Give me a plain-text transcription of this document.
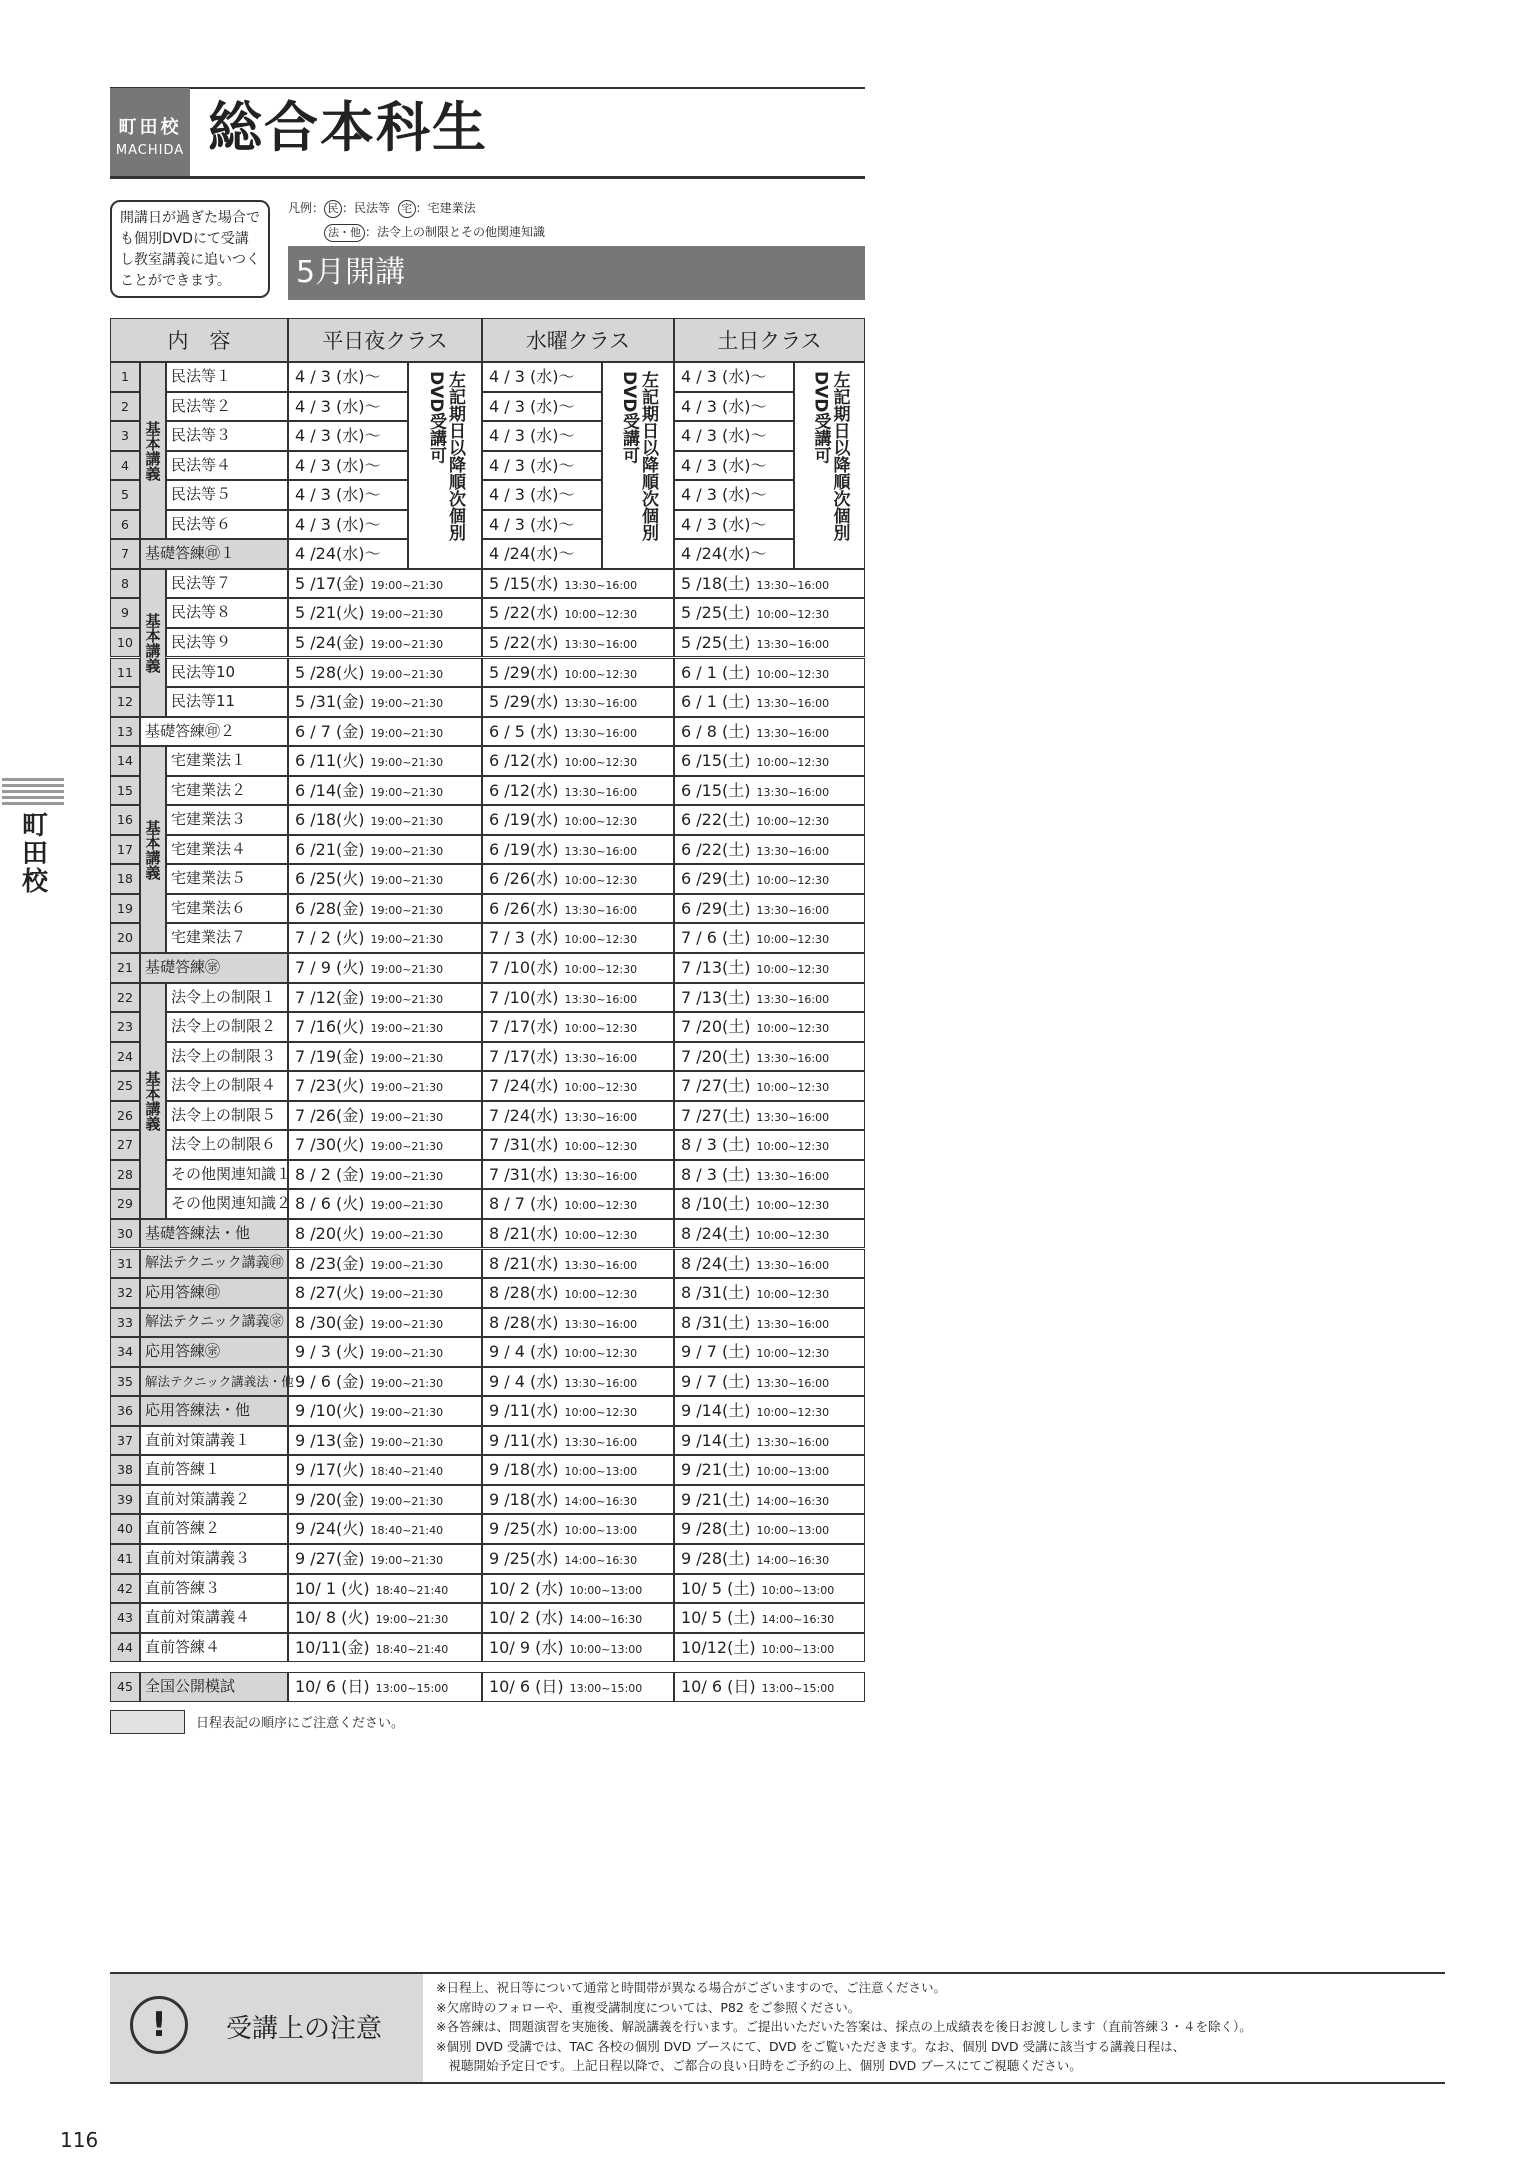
町田校
MACHIDA 総合本科生
開講日が過ぎた場合でも個別DVDにて受講し教室講義に追いつくことができます。
凡例： 民 ：民法等 宅 ：宅建業法
法・他 ：法令上の制限とその他関連知識
5月開講
町田校
日程表記の順序にご注意ください。
!	受講上の注意
※日程上、祝日等について通常と時間帯が異なる場合がございますので、ご注意ください。
※欠席時のフォローや、重複受講制度については、P82 をご参照ください。
※各答練は、問題演習を実施後、解説講義を行います。ご提出いただいた答案は、採点の上成績表を後日お渡しします（直前答練３・４を除く）。
※個別 DVD 受講では、TAC 各校の個別 DVD ブースにて、DVD をご覧いただきます。なお、個別 DVD 受講に該当する講義日程は、
　視聴開始予定日です。上記日程以降で、ご都合の良い日時をご予約の上、個別 DVD ブースにてご視聴ください。
116
内　容	平日夜クラス	水曜クラス	土日クラス
1	民法等１	4 / 3 (水)～	4 / 3 (水)～	4 / 3 (水)～
2	民法等２	4 / 3 (水)～	4 / 3 (水)～	4 / 3 (水)～
3	民法等３	4 / 3 (水)～	4 / 3 (水)～	4 / 3 (水)～
4	民法等４	4 / 3 (水)～	4 / 3 (水)～	4 / 3 (水)～
5	民法等５	4 / 3 (水)～	4 / 3 (水)～	4 / 3 (水)～
6	民法等６	4 / 3 (水)～	4 / 3 (水)～	4 / 3 (水)～
7	基礎答練㊞１	4 /24(水)～	4 /24(水)～	4 /24(水)～
8	民法等７	5 /17(金) 19:00~21:30	5 /15(水) 13:30~16:00	5 /18(土) 13:30~16:00
9	民法等８	5 /21(火) 19:00~21:30	5 /22(水) 10:00~12:30	5 /25(土) 10:00~12:30
10	民法等９	5 /24(金) 19:00~21:30	5 /22(水) 13:30~16:00	5 /25(土) 13:30~16:00
11	民法等10	5 /28(火) 19:00~21:30	5 /29(水) 10:00~12:30	6 / 1 (土) 10:00~12:30
12	民法等11	5 /31(金) 19:00~21:30	5 /29(水) 13:30~16:00	6 / 1 (土) 13:30~16:00
13 基礎答練㊞２	6 / 7 (金) 19:00~21:30	6 / 5 (水) 13:30~16:00	6 / 8 (土) 13:30~16:00
14	宅建業法１	6 /11(火) 19:00~21:30	6 /12(水) 10:00~12:30	6 /15(土) 10:00~12:30
15	宅建業法２	6 /14(金) 19:00~21:30	6 /12(水) 13:30~16:00	6 /15(土) 13:30~16:00
16	宅建業法３	6 /18(火) 19:00~21:30	6 /19(水) 10:00~12:30	6 /22(土) 10:00~12:30
17	宅建業法４	6 /21(金) 19:00~21:30	6 /19(水) 13:30~16:00	6 /22(土) 13:30~16:00
18	宅建業法５	6 /25(火) 19:00~21:30	6 /26(水) 10:00~12:30	6 /29(土) 10:00~12:30
19	宅建業法６	6 /28(金) 19:00~21:30	6 /26(水) 13:30~16:00	6 /29(土) 13:30~16:00
20	宅建業法７	7 / 2 (火) 19:00~21:30	7 / 3 (水) 10:00~12:30	7 / 6 (土) 10:00~12:30
21 基礎答練㊪	7 / 9 (火) 19:00~21:30	7 /10(水) 10:00~12:30	7 /13(土) 10:00~12:30
22	法令上の制限１	7 /12(金) 19:00~21:30	7 /10(水) 13:30~16:00	7 /13(土) 13:30~16:00
23	法令上の制限２	7 /16(火) 19:00~21:30	7 /17(水) 10:00~12:30	7 /20(土) 10:00~12:30
24	法令上の制限３	7 /19(金) 19:00~21:30	7 /17(水) 13:30~16:00	7 /20(土) 13:30~16:00
25	法令上の制限４	7 /23(火) 19:00~21:30	7 /24(水) 10:00~12:30	7 /27(土) 10:00~12:30
26	法令上の制限５	7 /26(金) 19:00~21:30	7 /24(水) 13:30~16:00	7 /27(土) 13:30~16:00
27	法令上の制限６	7 /30(火) 19:00~21:30	7 /31(水) 10:00~12:30	8 / 3 (土) 10:00~12:30
28	その他関連知識１ 8 / 2 (金) 19:00~21:30	7 /31(水) 13:30~16:00	8 / 3 (土) 13:30~16:00
29	その他関連知識２ 8 / 6 (火) 19:00~21:30	8 / 7 (水) 10:00~12:30	8 /10(土) 10:00~12:30
30 基礎答練法・他	8 /20(火) 19:00~21:30	8 /21(水) 10:00~12:30	8 /24(土) 10:00~12:30
31 解法テクニック講義㊞ 8 /23(金) 19:00~21:30	8 /21(水) 13:30~16:00	8 /24(土) 13:30~16:00
32 応用答練㊞	8 /27(火) 19:00~21:30	8 /28(水) 10:00~12:30	8 /31(土) 10:00~12:30
33 解法テクニック講義㊪ 8 /30(金) 19:00~21:30	8 /28(水) 13:30~16:00	8 /31(土) 13:30~16:00
34 応用答練㊪	9 / 3 (火) 19:00~21:30	9 / 4 (水) 10:00~12:30	9 / 7 (土) 10:00~12:30
35 解法テクニック講義法・他 9 / 6 (金) 19:00~21:30	9 / 4 (水) 13:30~16:00	9 / 7 (土) 13:30~16:00
36 応用答練法・他	9 /10(火) 19:00~21:30	9 /11(水) 10:00~12:30	9 /14(土) 10:00~12:30
37 直前対策講義１	9 /13(金) 19:00~21:30	9 /11(水) 13:30~16:00	9 /14(土) 13:30~16:00
38 直前答練１	9 /17(火) 18:40~21:40	9 /18(水) 10:00~13:00	9 /21(土) 10:00~13:00
39 直前対策講義２	9 /20(金) 19:00~21:30	9 /18(水) 14:00~16:30	9 /21(土) 14:00~16:30
40 直前答練２	9 /24(火) 18:40~21:40	9 /25(水) 10:00~13:00	9 /28(土) 10:00~13:00
41 直前対策講義３	9 /27(金) 19:00~21:30	9 /25(水) 14:00~16:30	9 /28(土) 14:00~16:30
42 直前答練３	10/ 1 (火) 18:40~21:40	10/ 2 (水) 10:00~13:00	10/ 5 (土) 10:00~13:00
43 直前対策講義４	10/ 8 (火) 19:00~21:30	10/ 2 (水) 14:00~16:30	10/ 5 (土) 14:00~16:30
44 直前答練４	10/11(金) 18:40~21:40	10/ 9 (水) 10:00~13:00	10/12(土) 10:00~13:00
45 全国公開模試	10/ 6 (日) 13:00~15:00	10/ 6 (日) 13:00~15:00	10/ 6 (日) 13:00~15:00
基本講義
基本講義
基本講義
基本講義
左記期日以降順次個別DVD受講可	左記期日以降順次個別DVD受講可	左記期日以降順次個別DVD受講可
